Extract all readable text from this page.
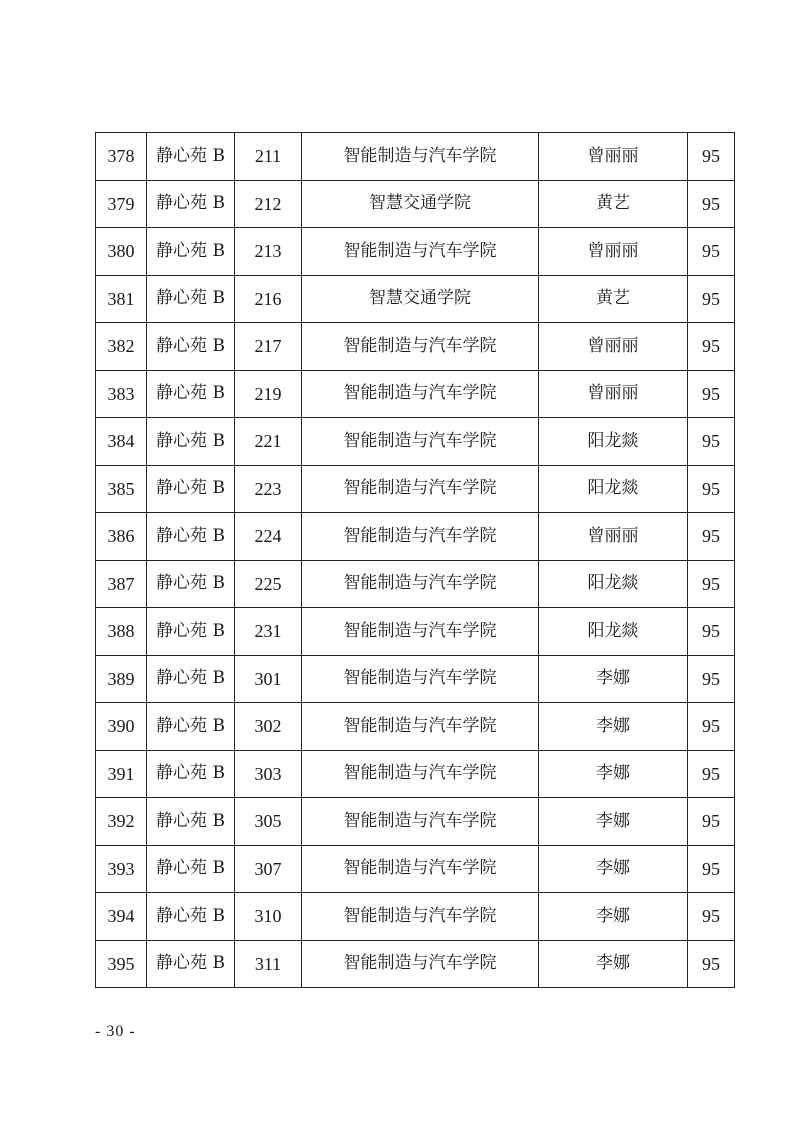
378	静心苑 B	211	智能制造与汽车学院	曾丽丽	95
379	静心苑 B	212	智慧交通学院	黄艺	95
380	静心苑 B	213	智能制造与汽车学院	曾丽丽	95
381	静心苑 B	216	智慧交通学院	黄艺	95
382	静心苑 B	217	智能制造与汽车学院	曾丽丽	95
383	静心苑 B	219	智能制造与汽车学院	曾丽丽	95
384	静心苑 B	221	智能制造与汽车学院	阳龙燚	95
385	静心苑 B	223	智能制造与汽车学院	阳龙燚	95
386	静心苑 B	224	智能制造与汽车学院	曾丽丽	95
387	静心苑 B	225	智能制造与汽车学院	阳龙燚	95
388	静心苑 B	231	智能制造与汽车学院	阳龙燚	95
389	静心苑 B	301	智能制造与汽车学院	李娜	95
390	静心苑 B	302	智能制造与汽车学院	李娜	95
391	静心苑 B	303	智能制造与汽车学院	李娜	95
392	静心苑 B	305	智能制造与汽车学院	李娜	95
393	静心苑 B	307	智能制造与汽车学院	李娜	95
394	静心苑 B	310	智能制造与汽车学院	李娜	95
395	静心苑 B	311	智能制造与汽车学院	李娜	95
- 30 -
